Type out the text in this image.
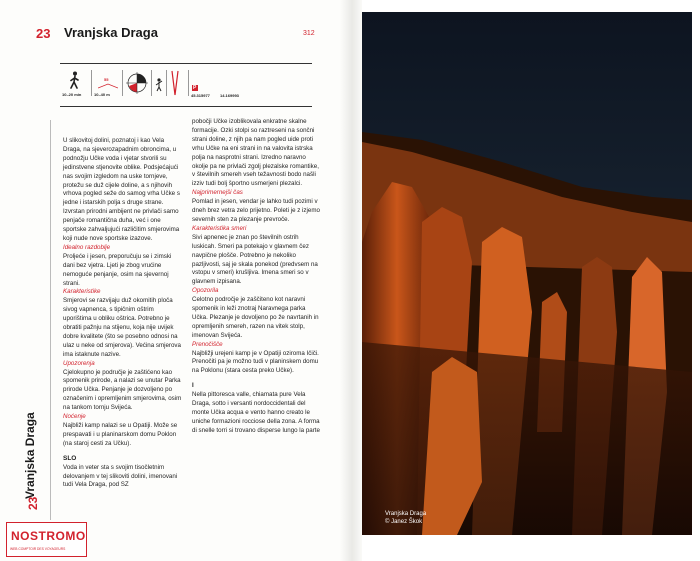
23 Vranjska Draga	312
10–20 min
55
10–40 m
P
45.315977	14.169993

U slikovitoj dolini, poznatoj i kao Vela Draga, na sjeverozapadnim obroncima, u podnožju Učke voda i vjetar stvorili su jedinstvene stjenovite oblike. Podsjećajući nas svojim izgledom na uske tornjeve, protežu se duž cijele doline, a s njihovih vrhova pogled seže do samog vrha Učke s jedne i istarskih polja s druge strane. Izvrstan prirodni ambijent ne privlači samo penjače romantična duha, već i one sportske zahvaljujući različitim smjerovima koji nude nove sportske izazove.

Idealno razdoblje

Proljeće i jesen, preporučuju se i zimski dani bez vjetra. Ljeti je zbog vrućine nemoguće penjanje, osim na sjevernoj strani.

Karakteristike

Smjerovi se razvijaju duž okomitih ploča sivog vapnenca, s tipičnim oštrim uporištima u obliku oštrica. Potrebno je obratiti pažnju na stijenu, koja nije uvijek dobre kvalitete (što se posebno odnosi na ulaz u neke od smjerova). Većina smjerova ima istaknute nazive.

Upozorenja

Cjelokupno je područje je zaštićeno kao spomenik prirode, a nalazi se unutar Parka prirode Učka. Penjanje je dozvoljeno po označenim i opremljenim smjerovima, osim na tankom tornju Svijeća.

Noćenje

Najbliži kamp nalazi se u Opatiji. Može se prespavati i u planinarskom domu Poklon (na staroj cesti za Učku).

SLO

Voda in veter sta s svojim tisočletnim delovanjem v tej slikoviti dolini, imenovani tudi Vela Draga, pod SZ

pobočji Učke izoblikovala enkratne skalne formacije. Ozki stolpi so raztreseni na sončni strani doline, z njih pa nam pogled uide proti vrhu Učke na eni strani in na valovita istrska polja na nasprotni strani. Izredno naravno okolje pa ne privlači zgolj plezalske romantike, v številnih smereh vseh težavnosti bodo našli izziv tudi bolj športno usmerjeni plezalci.

Najprimernejši čas

Pomlad in jesen, vendar je lahko tudi pozimi v dneh brez vetra zelo prijetno. Poleti je z izjemo severnih sten za plezanje prevroče.

Karakteristika smeri

Sivi apnenec je znan po številnih ostrih luskicah. Smeri pa potekajo v glavnem čez navpične plošče. Potrebno je nekoliko pazljivosti, saj je skala ponekod (predvsem na vstopu v smeri) krušljiva. Imena smeri so v glavnem izpisana.

Opozorila

Celotno področje je zaščiteno kot naravni spomenik in leži znotraj Naravnega parka Učka. Plezanje je dovoljeno po že navrtanih in opremljenih smereh, razen na vitek stolp, imenovan Svijeća.

Prenočišče

Najbližji urejeni kamp je v Opatiji oziroma Ičiči. Prenočiti pa je možno tudi v planinskem domu na Poklonu (stara cesta preko Učke).

I

Nella pittoresca valle, chiamata pure Vela Draga, sotto i versanti nordoccidentali del monte Učka acqua e vento hanno creato le uniche formazioni rocciose della zona. A forma di snelle torri si trovano disperse lungo la parte

Vranjska Draga
23
NOSTROMO
WEB COMPTOIR DES VOYAGEURS
Vranjska Draga
© Janez Škok
